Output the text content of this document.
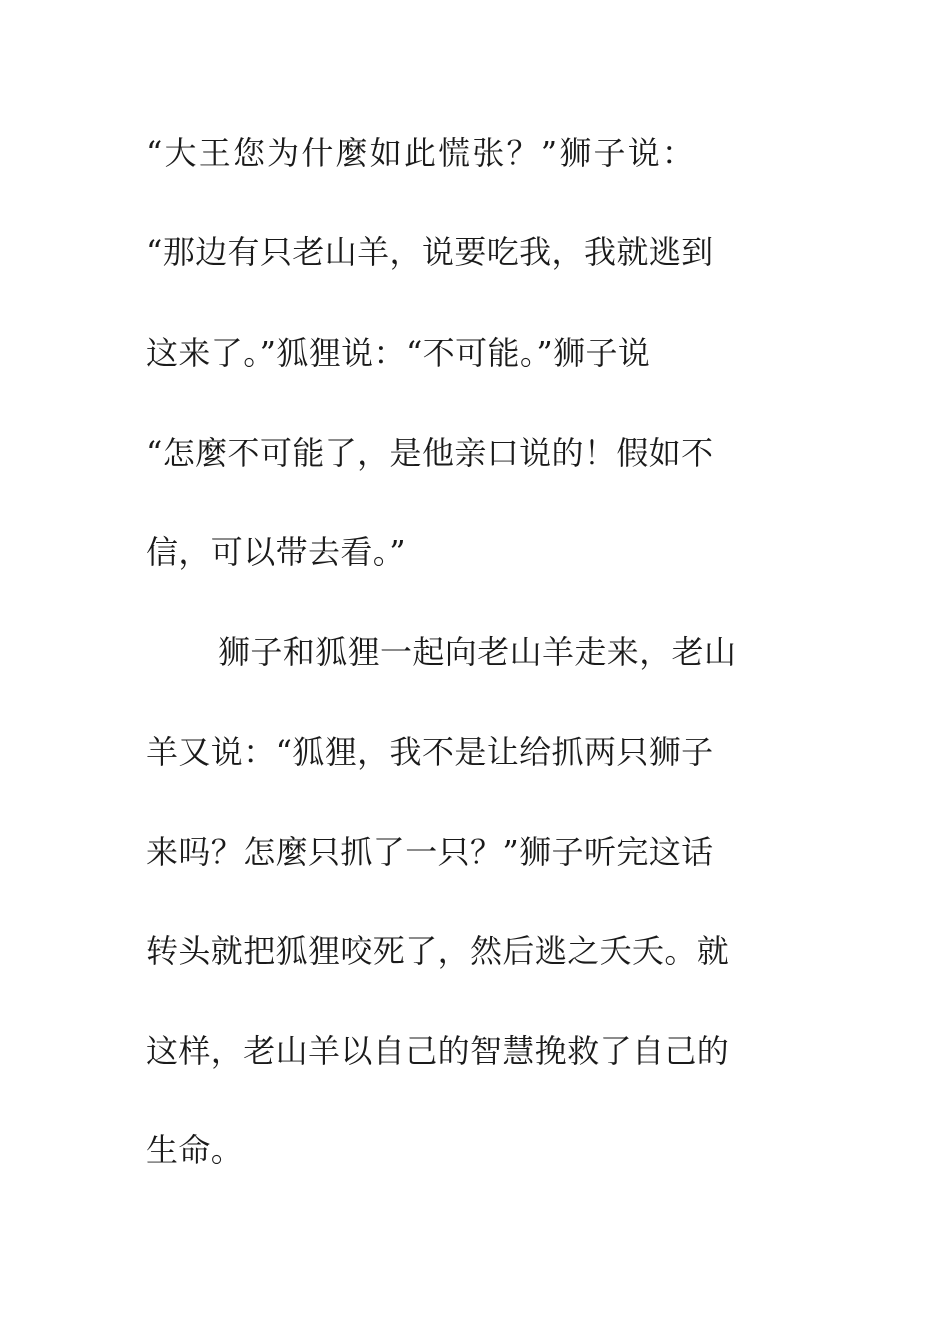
“大王您为什麼如此慌张？”狮子说：
“那边有只老山羊，说要吃我，我就逃到
这来了。”狐狸说：“不可能。”狮子说
“怎麼不可能了，是他亲口说的！假如不
信，可以带去看。”
狮子和狐狸一起向老山羊走来，老山
羊又说：“狐狸，我不是让给抓两只狮子
来吗？怎麼只抓了一只？”狮子听完这话
转头就把狐狸咬死了，然后逃之夭夭。就
这样，老山羊以自己的智慧挽救了自己的
生命。
